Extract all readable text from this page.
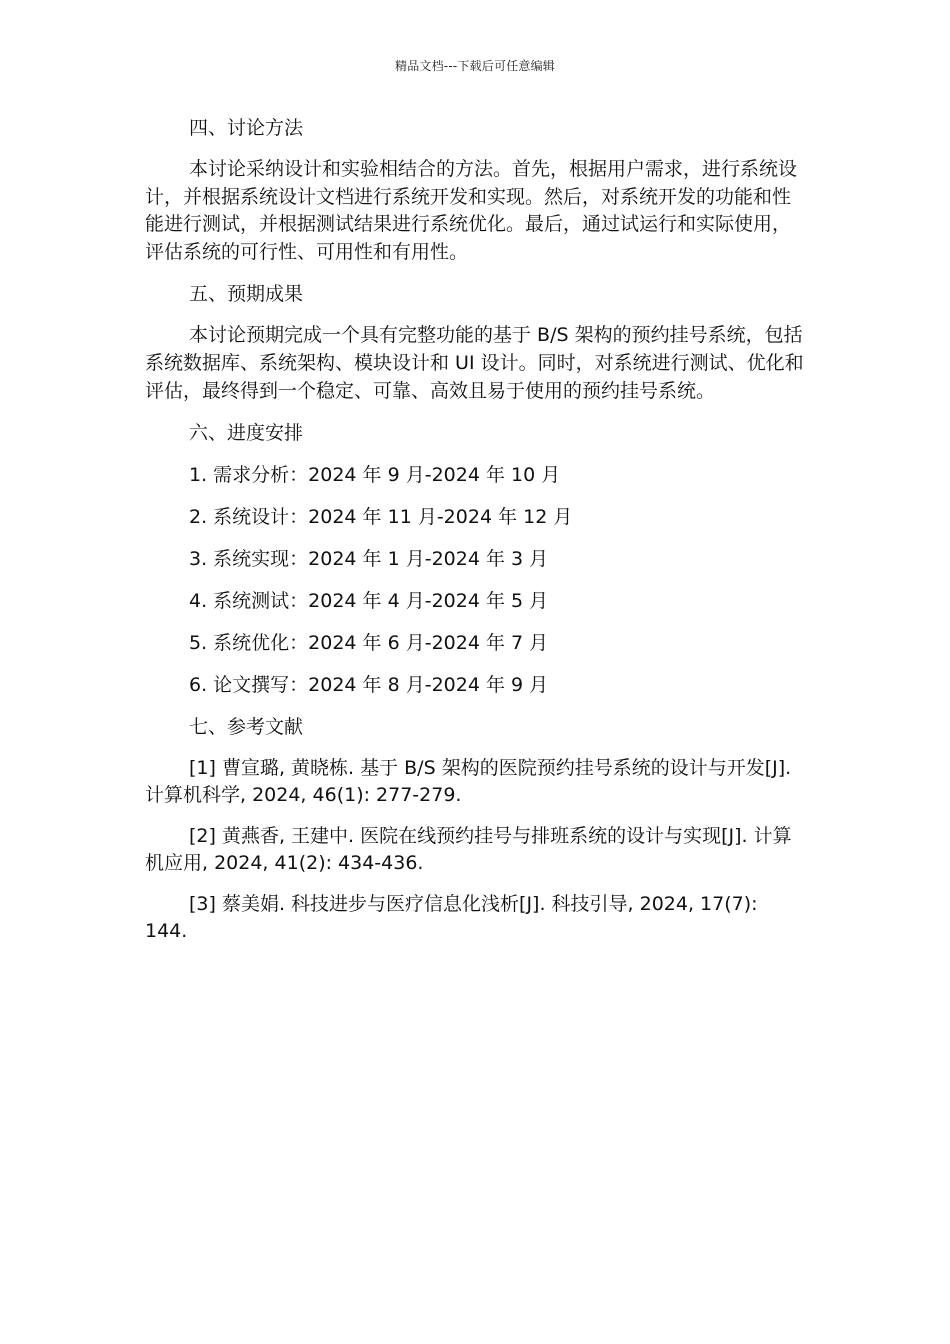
精品文档---下载后可任意编辑

四、讨论方法

本讨论采纳设计和实验相结合的方法。首先，根据用户需求，进行系统设计，并根据系统设计文档进行系统开发和实现。然后，对系统开发的功能和性能进行测试，并根据测试结果进行系统优化。最后，通过试运行和实际使用，评估系统的可行性、可用性和有用性。

五、预期成果

本讨论预期完成一个具有完整功能的基于 B/S 架构的预约挂号系统，包括系统数据库、系统架构、模块设计和 UI 设计。同时，对系统进行测试、优化和评估，最终得到一个稳定、可靠、高效且易于使用的预约挂号系统。

六、进度安排

1. 需求分析：2024 年 9 月-2024 年 10 月

2. 系统设计：2024 年 11 月-2024 年 12 月

3. 系统实现：2024 年 1 月-2024 年 3 月

4. 系统测试：2024 年 4 月-2024 年 5 月

5. 系统优化：2024 年 6 月-2024 年 7 月

6. 论文撰写：2024 年 8 月-2024 年 9 月

七、参考文献

[1] 曹宣璐, 黄晓栋. 基于 B/S 架构的医院预约挂号系统的设计与开发[J]. 计算机科学, 2024, 46(1): 277-279.

[2] 黄燕香, 王建中. 医院在线预约挂号与排班系统的设计与实现[J]. 计算机应用, 2024, 41(2): 434-436.

[3] 蔡美娟. 科技进步与医疗信息化浅析[J]. 科技引导, 2024, 17(7): 144.
